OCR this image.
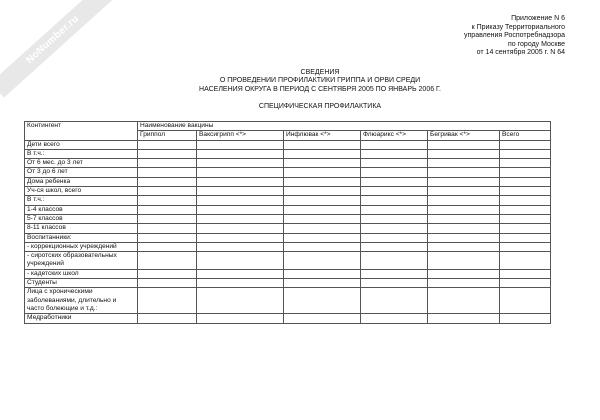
NoNumber.ru	Приложение N 6
к Приказу Территориального
управления Роспотребнадзора
по городу Москве
от 14 сентября 2005 г. N 64
СВЕДЕНИЯ
О ПРОВЕДЕНИИ ПРОФИЛАКТИКИ ГРИППА И ОРВИ СРЕДИ
НАСЕЛЕНИЯ ОКРУГА В ПЕРИОД С СЕНТЯБРЯ 2005 ПО ЯНВАРЬ 2006 Г.
СПЕЦИФИЧЕСКАЯ ПРОФИЛАКТИКА
Контингент	Наименование вакцины					
	Гриппол	Ваксигрипп <*>	Инфлювак <*>	Флюарикс <*>	Бегривак <*>	Всего
Дети всего						
В т.ч.:						
От 6 мес. до 3 лет						
От 3 до 6 лет						
Дома ребенка						
Уч-ся школ, всего						
В т.ч.:						
1-4 классов						
5-7 классов						
8-11 классов						
Воспитанники:						
- коррекционных учреждений						
- сиротских образовательных учреждений						
- кадетских школ						
Студенты						
Лица с хроническими заболеваниями, длительно и часто болеющие и т.д.:						
Медработники						
